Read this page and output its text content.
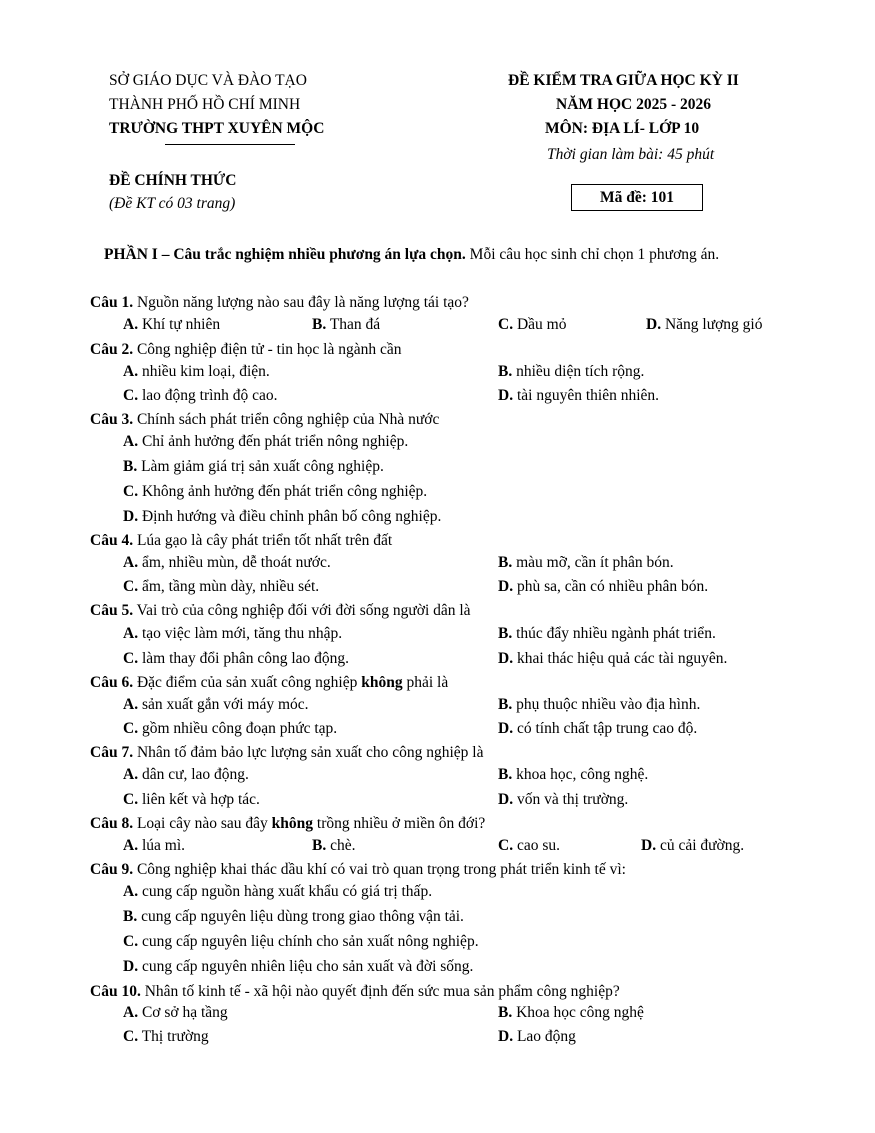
SỞ GIÁO DỤC VÀ ĐÀO TẠO
THÀNH PHỐ HỒ CHÍ MINH
TRƯỜNG THPT XUYÊN MỘC
ĐỀ KIỂM TRA GIỮA HỌC KỲ II
NĂM HỌC 2025 - 2026
MÔN: ĐỊA LÍ- LỚP 10
Thời gian làm bài: 45 phút
ĐỀ CHÍNH THỨC
(Đề KT có 03 trang)	Mã đề: 101
PHẦN I – Câu trắc nghiệm nhiều phương án lựa chọn. Mỗi câu học sinh chỉ chọn 1 phương án.
Câu 1. Nguồn năng lượng nào sau đây là năng lượng tái tạo?
A. Khí tự nhiên	B. Than đá	C. Dầu mỏ	D. Năng lượng gió
Câu 2. Công nghiệp điện tử - tin học là ngành cần
A. nhiều kim loại, điện.	B. nhiều diện tích rộng.
C. lao động trình độ cao.	D. tài nguyên thiên nhiên.
Câu 3. Chính sách phát triển công nghiệp của Nhà nước
A. Chỉ ảnh hưởng đến phát triển nông nghiệp.
B. Làm giảm giá trị sản xuất công nghiệp.
C. Không ảnh hưởng đến phát triển công nghiệp.
D. Định hướng và điều chỉnh phân bố công nghiệp.
Câu 4. Lúa gạo là cây phát triển tốt nhất trên đất
A. ẩm, nhiều mùn, dễ thoát nước.	B. màu mỡ, cần ít phân bón.
C. ẩm, tầng mùn dày, nhiều sét.	D. phù sa, cần có nhiều phân bón.
Câu 5. Vai trò của công nghiệp đối với đời sống người dân là
A. tạo việc làm mới, tăng thu nhập.	B. thúc đẩy nhiều ngành phát triển.
C. làm thay đổi phân công lao động.	D. khai thác hiệu quả các tài nguyên.
Câu 6. Đặc điểm của sản xuất công nghiệp không phải là
A. sản xuất gắn với máy móc.	B. phụ thuộc nhiều vào địa hình.
C. gồm nhiều công đoạn phức tạp.	D. có tính chất tập trung cao độ.
Câu 7. Nhân tố đảm bảo lực lượng sản xuất cho công nghiệp là
A. dân cư, lao động.	B. khoa học, công nghệ.
C. liên kết và hợp tác.	D. vốn và thị trường.
Câu 8. Loại cây nào sau đây không trồng nhiều ở miền ôn đới?
A. lúa mì.	B. chè.	C. cao su.	D. củ cải đường.
Câu 9. Công nghiệp khai thác dầu khí có vai trò quan trọng trong phát triển kinh tế vì:
A. cung cấp nguồn hàng xuất khẩu có giá trị thấp.
B. cung cấp nguyên liệu dùng trong giao thông vận tải.
C. cung cấp nguyên liệu chính cho sản xuất nông nghiệp.
D. cung cấp nguyên nhiên liệu cho sản xuất và đời sống.
Câu 10. Nhân tố kinh tế - xã hội nào quyết định đến sức mua sản phẩm công nghiệp?
A. Cơ sở hạ tầng	B. Khoa học công nghệ
C. Thị trường	D. Lao động
